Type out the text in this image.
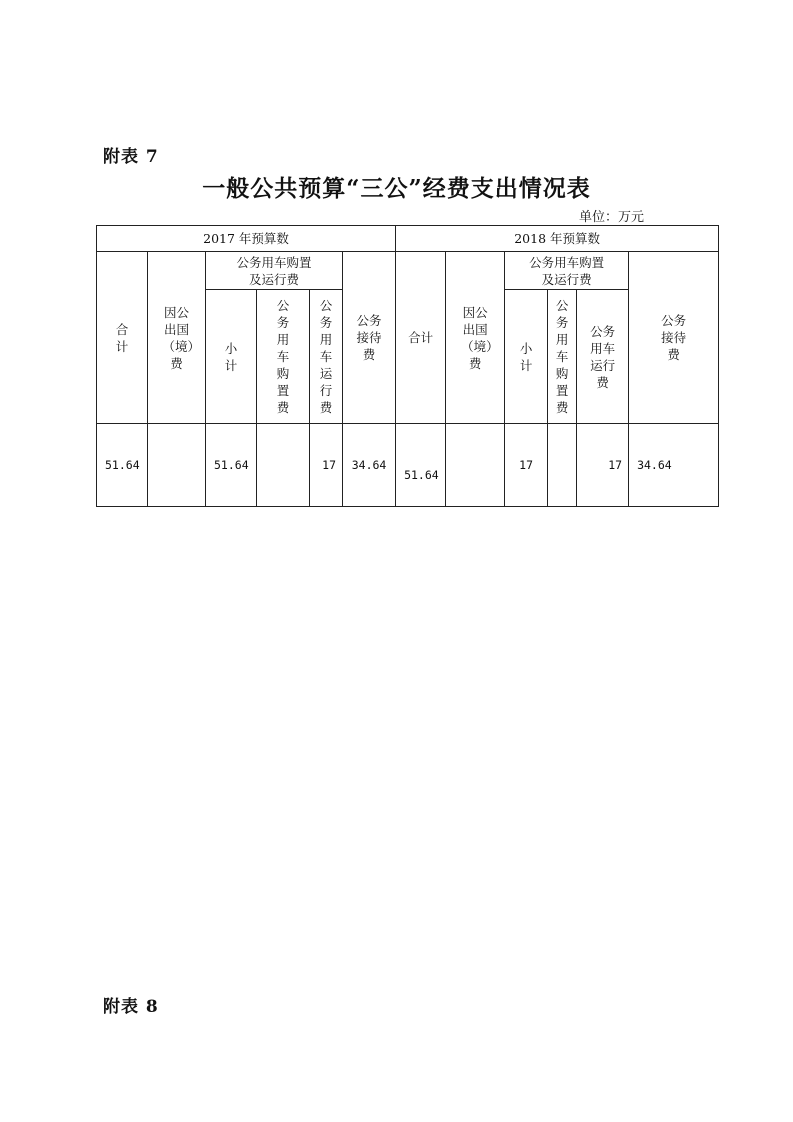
附表 7
一般公共预算“三公”经费支出情况表
单位：万元
2017 年预算数						2018 年预算数					
合计	因公出国（境）费	公务用车购置及运行费			公务接待费	合计	因公出国（境）费	公务用车购置及运行费			公务接待费
		小计	公务用车购置费	公务用车运行费				小计	公务用车购置费	公务用车运行费	
51.64		51.64		17	34.64	51.64		17		17	34.64
附表 8
